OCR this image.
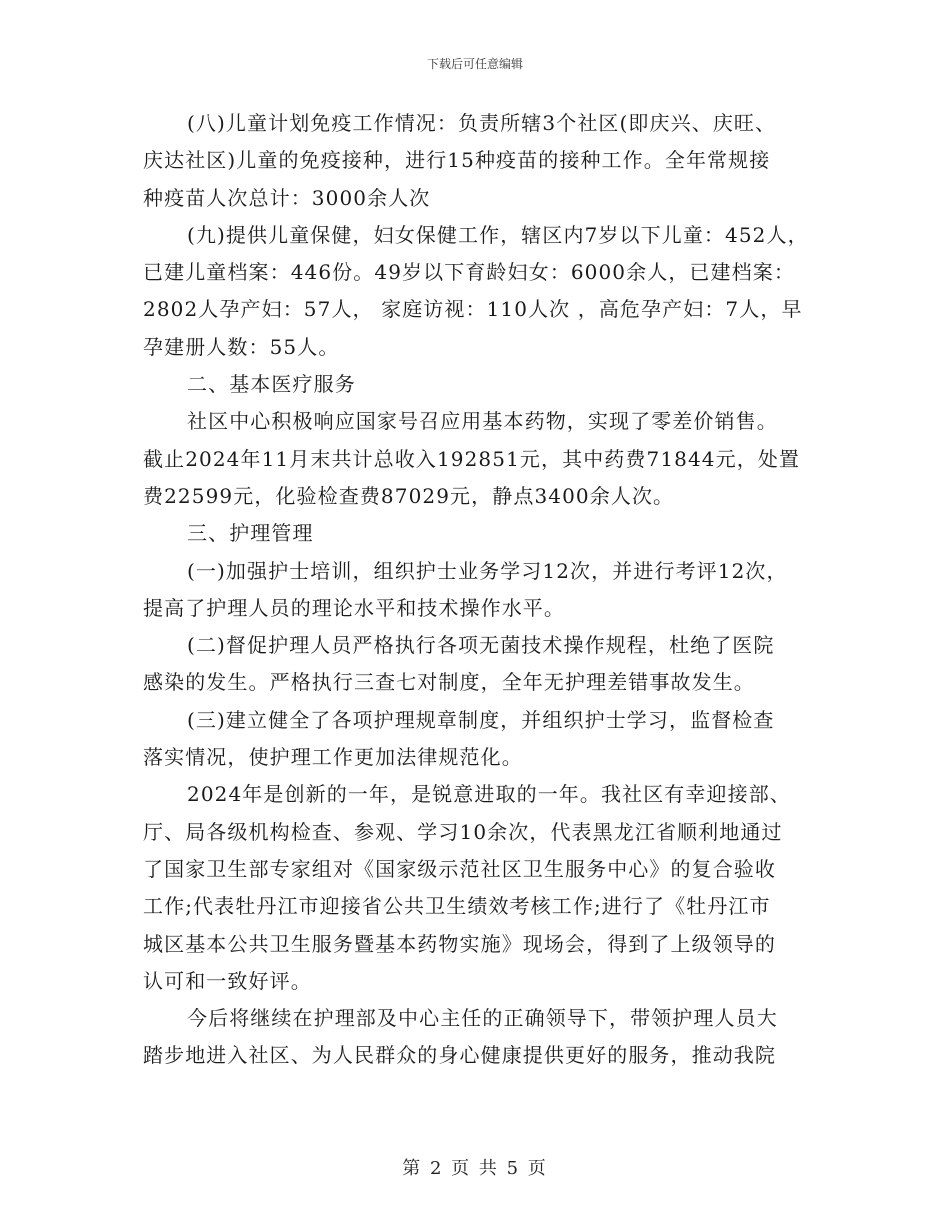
下载后可任意编辑

(八)儿童计划免疫工作情况：负责所辖3个社区(即庆兴、庆旺、

庆达社区)儿童的免疫接种，进行15种疫苗的接种工作。全年常规接

种疫苗人次总计：3000余人次

(九)提供儿童保健，妇女保健工作，辖区内7岁以下儿童：452人，

已建儿童档案：446份。49岁以下育龄妇女：6000余人，已建档案：

2802人孕产妇：57人， 家庭访视：110人次 ，高危孕产妇：7人，早

孕建册人数：55人。

二、基本医疗服务

社区中心积极响应国家号召应用基本药物，实现了零差价销售。

截止2024年11月末共计总收入192851元，其中药费71844元，处置

费22599元，化验检查费87029元，静点3400余人次。

三、护理管理

(一)加强护士培训，组织护士业务学习12次，并进行考评12次，

提高了护理人员的理论水平和技术操作水平。

(二)督促护理人员严格执行各项无菌技术操作规程，杜绝了医院

感染的发生。严格执行三查七对制度，全年无护理差错事故发生。

(三)建立健全了各项护理规章制度，并组织护士学习，监督检查

落实情况，使护理工作更加法律规范化。

2024年是创新的一年，是锐意进取的一年。我社区有幸迎接部、

厅、局各级机构检查、参观、学习10余次，代表黑龙江省顺利地通过

了国家卫生部专家组对《国家级示范社区卫生服务中心》的复合验收

工作;代表牡丹江市迎接省公共卫生绩效考核工作;进行了《牡丹江市

城区基本公共卫生服务暨基本药物实施》现场会，得到了上级领导的

认可和一致好评。

今后将继续在护理部及中心主任的正确领导下，带领护理人员大

踏步地进入社区、为人民群众的身心健康提供更好的服务，推动我院

第 2 页 共 5 页
